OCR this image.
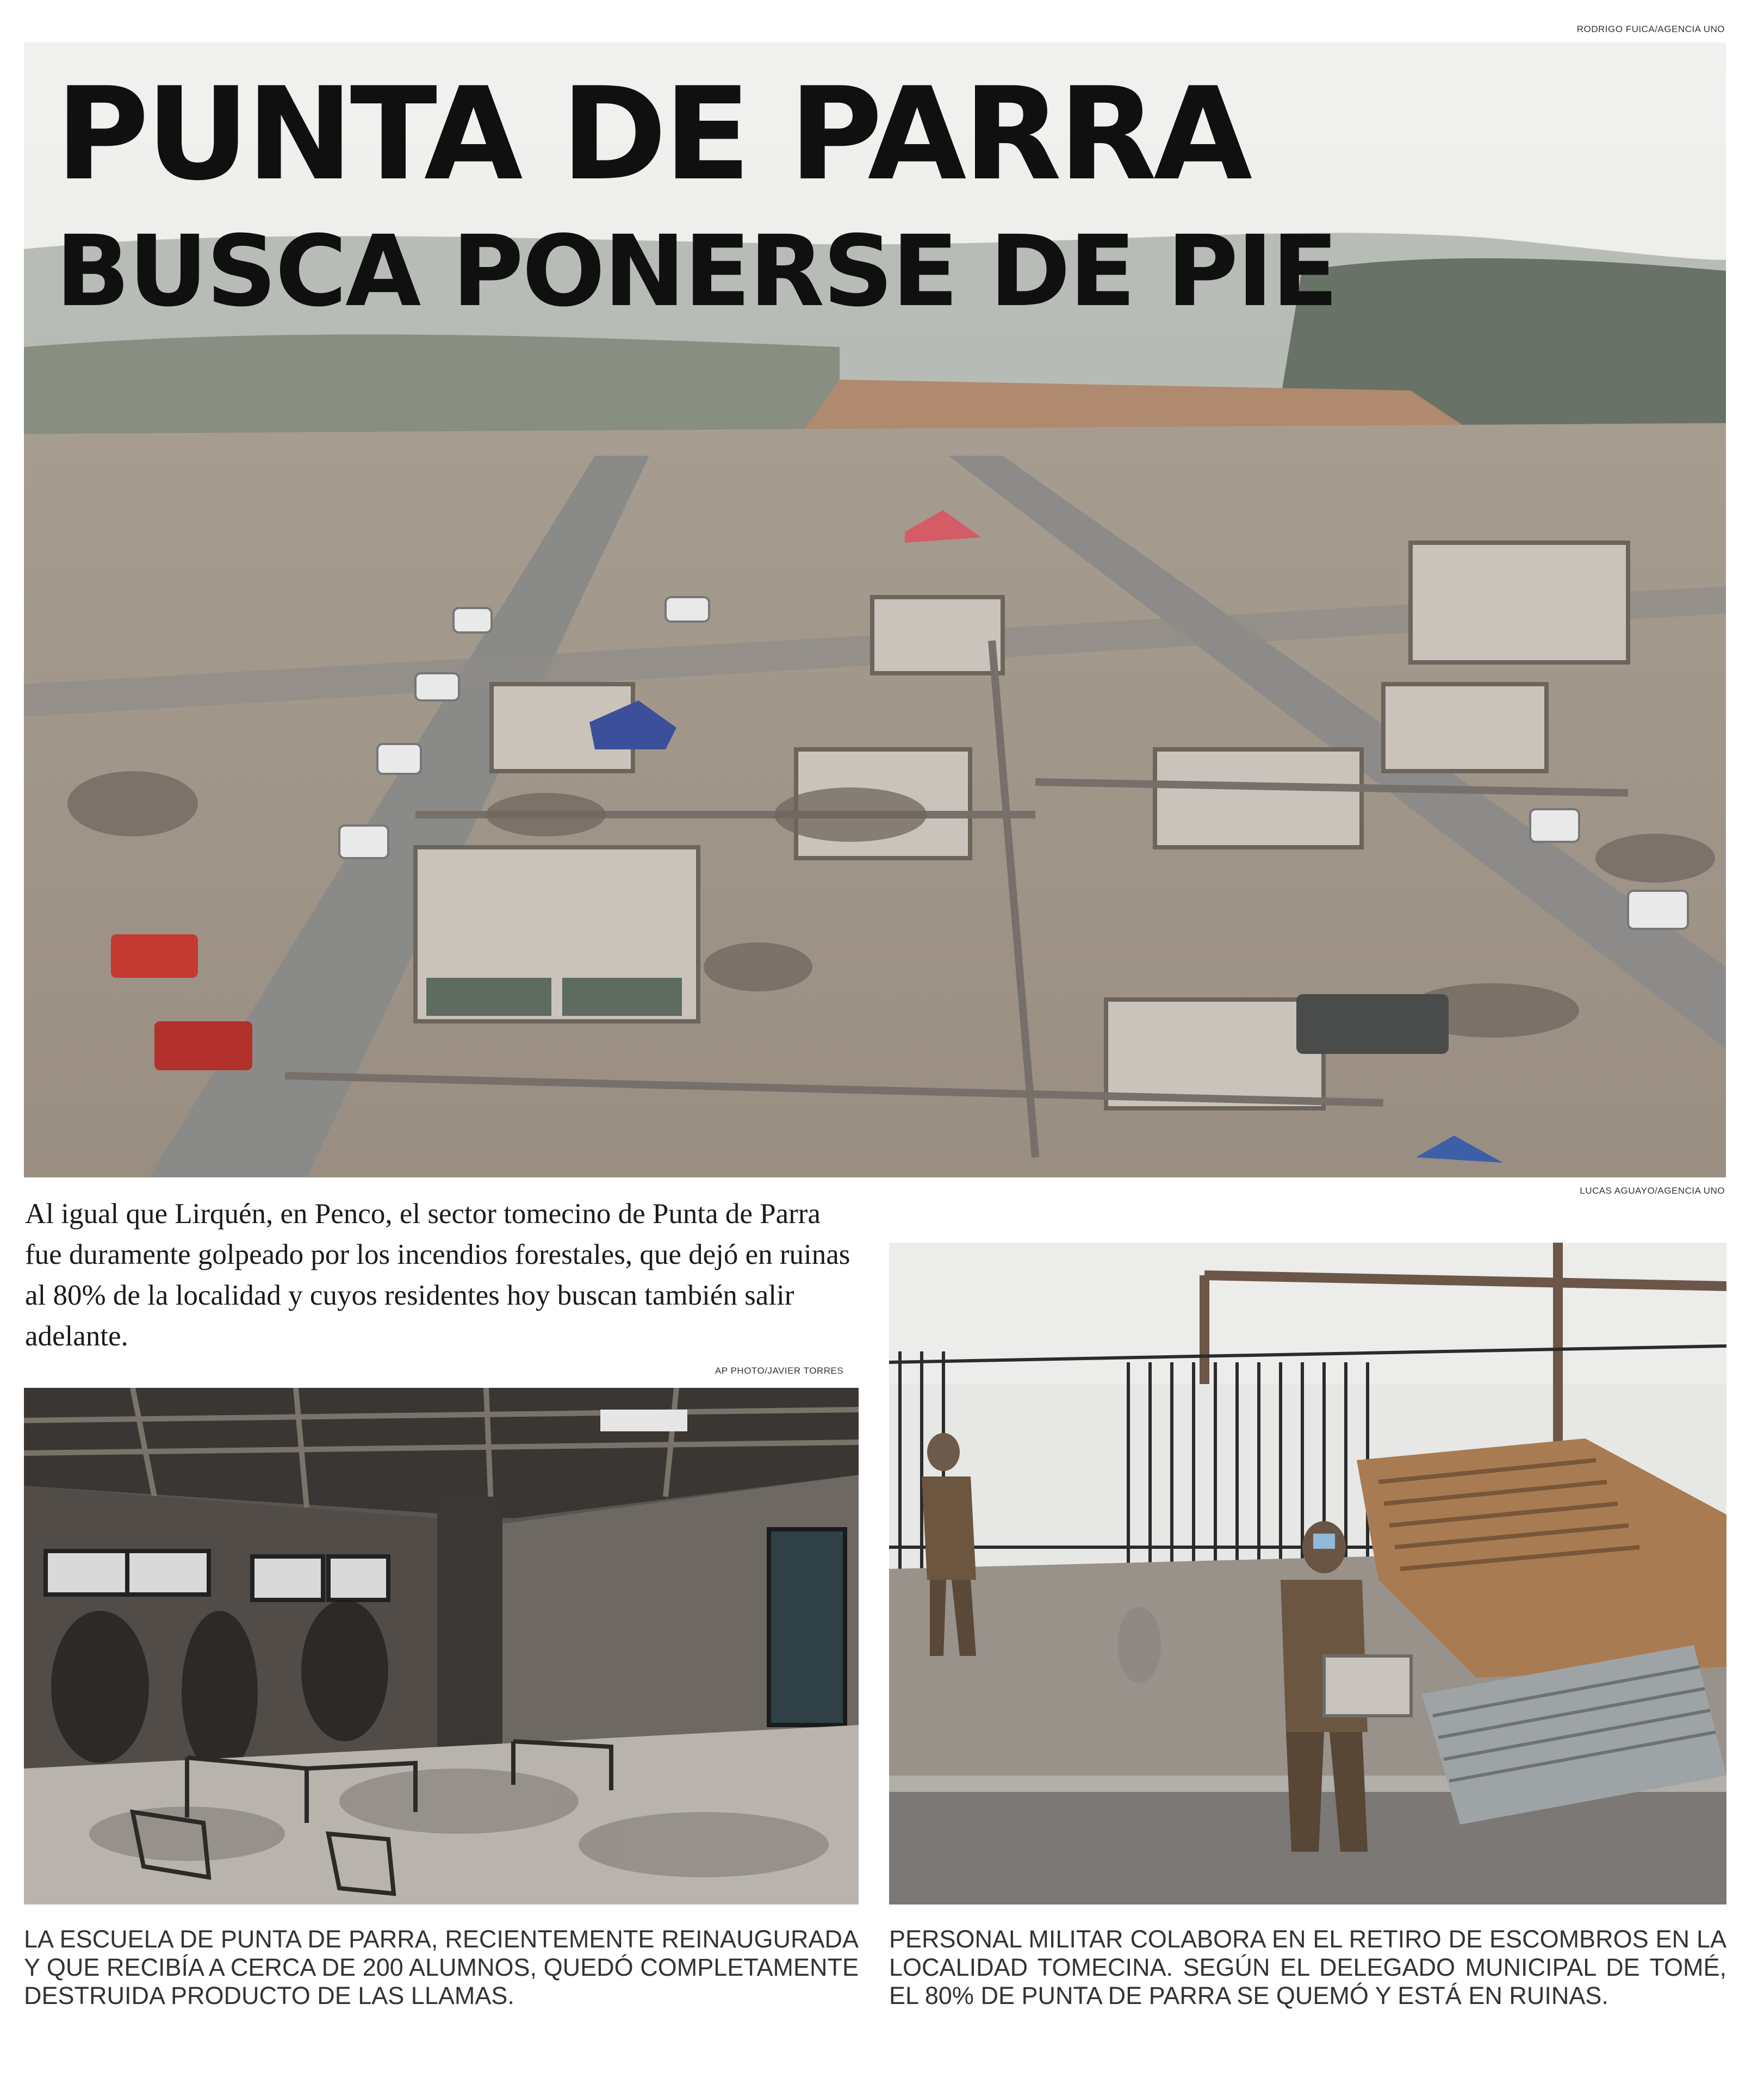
RODRIGO FUICA/AGENCIA UNO
PUNTA DE PARRA
BUSCA PONERSE DE PIE
Al igual que Lirquén, en Penco, el sector tomecino de Punta de Parra fue duramente golpeado por los incendios forestales, que dejó en ruinas al 80% de la localidad y cuyos residentes hoy buscan también salir adelante.
LUCAS AGUAYO/AGENCIA UNO
AP PHOTO/JAVIER TORRES
LA ESCUELA DE PUNTA DE PARRA, RECIENTEMENTE REINAUGURADA Y QUE RECIBÍA A CERCA DE 200 ALUMNOS, QUEDÓ COMPLETAMENTE DESTRUIDA PRODUCTO DE LAS LLAMAS.
PERSONAL MILITAR COLABORA EN EL RETIRO DE ESCOMBROS EN LA LOCALIDAD TOMECINA. SEGÚN EL DELEGADO MUNICIPAL DE TOMÉ, EL 80% DE PUNTA DE PARRA SE QUEMÓ Y ESTÁ EN RUINAS.
